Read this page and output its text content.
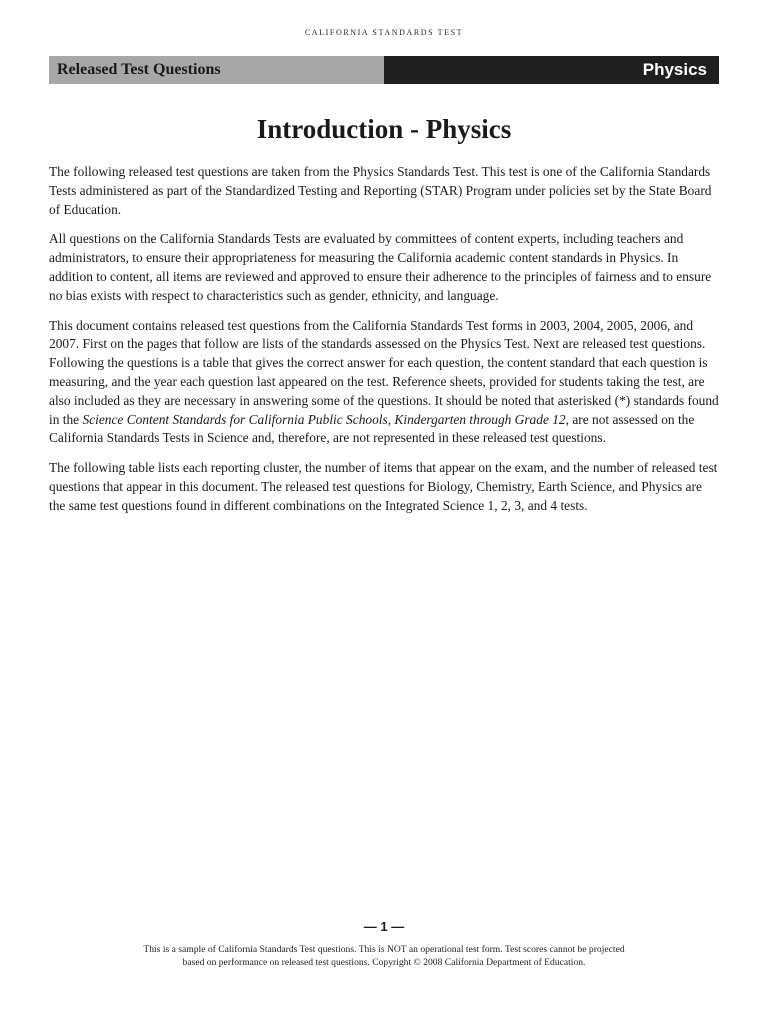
CALIFORNIA STANDARDS TEST
Released Test Questions	Physics
Introduction - Physics

The following released test questions are taken from the Physics Standards Test. This test is one of the California Standards Tests administered as part of the Standardized Testing and Reporting (STAR) Program under policies set by the State Board of Education.

All questions on the California Standards Tests are evaluated by committees of content experts, including teachers and administrators, to ensure their appropriateness for measuring the California academic content standards in Physics. In addition to content, all items are reviewed and approved to ensure their adherence to the principles of fairness and to ensure no bias exists with respect to characteristics such as gender, ethnicity, and language.

This document contains released test questions from the California Standards Test forms in 2003, 2004, 2005, 2006, and 2007. First on the pages that follow are lists of the standards assessed on the Physics Test. Next are released test questions. Following the questions is a table that gives the correct answer for each question, the content standard that each question is measuring, and the year each question last appeared on the test. Reference sheets, provided for students taking the test, are also included as they are necessary in answering some of the questions. It should be noted that asterisked (*) standards found in the Science Content Standards for California Public Schools, Kindergarten through Grade 12, are not assessed on the California Standards Tests in Science and, therefore, are not represented in these released test questions.

The following table lists each reporting cluster, the number of items that appear on the exam, and the number of released test questions that appear in this document. The released test questions for Biology, Chemistry, Earth Science, and Physics are the same test questions found in different combinations on the Integrated Science 1, 2, 3, and 4 tests.

— 1 —
This is a sample of California Standards Test questions. This is NOT an operational test form. Test scores cannot be projected
based on performance on released test questions. Copyright © 2008 California Department of Education.
